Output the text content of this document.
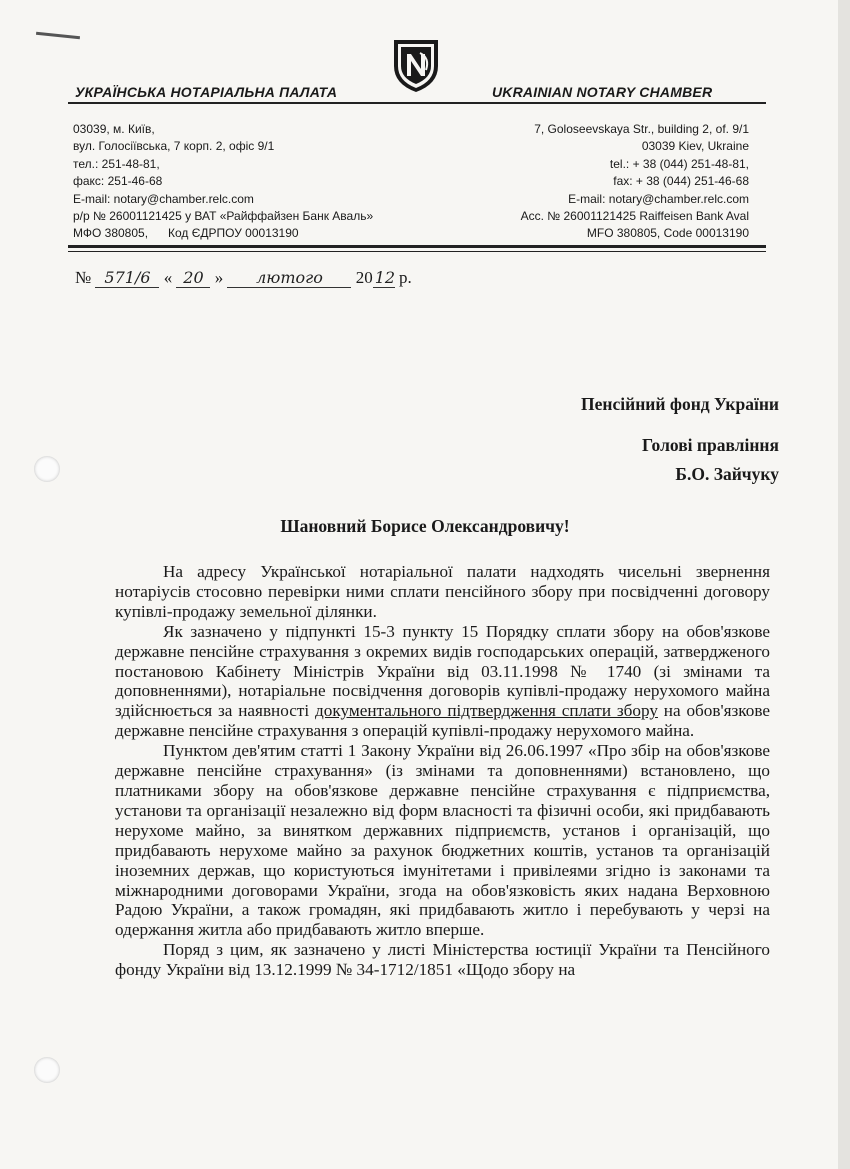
УКРАЇНСЬКА НОТАРІАЛЬНА ПАЛАТА	UKRAINIAN NOTARY CHAMBER
03039, м. Київ,
вул. Голосіївська, 7 корп. 2, офіс 9/1
тел.: 251-48-81,
факс: 251-46-68
E-mail: notary@chamber.relc.com
р/р № 26001121425 у ВАТ «Райффайзен Банк Аваль»
МФО 380805,      Код ЄДРПОУ 00013190
7, Goloseevskaya Str., building 2, of. 9/1
03039 Kiev, Ukraine
tel.: + 38 (044) 251-48-81,
fax: + 38 (044) 251-46-68
E-mail: notary@chamber.relc.com
Acc. № 26001121425 Raiffeisen Bank Aval
MFO 380805, Code 00013190
№ 571/6 « 20 » лютого 20 12 р.
Пенсійний фонд України
Голові правління
Б.О. Зайчуку
Шановний Борисе Олександровичу!

На адресу Української нотаріальної палати надходять чисельні звернення нотаріусів стосовно перевірки ними сплати пенсійного збору при посвідченні договору купівлі-продажу земельної ділянки.

Як зазначено у підпункті 15-3 пункту 15 Порядку сплати збору на обов'язкове державне пенсійне страхування з окремих видів господарських операцій, затвердженого постановою Кабінету Міністрів України від 03.11.1998 № 1740 (зі змінами та доповненнями), нотаріальне посвідчення договорів купівлі-продажу нерухомого майна здійснюється за наявності документального підтвердження сплати збору на обов'язкове державне пенсійне страхування з операцій купівлі-продажу нерухомого майна.

Пунктом дев'ятим статті 1 Закону України від 26.06.1997 «Про збір на обов'язкове державне пенсійне страхування» (із змінами та доповненнями) встановлено, що платниками збору на обов'язкове державне пенсійне страхування є підприємства, установи та організації незалежно від форм власності та фізичні особи, які придбавають нерухоме майно, за винятком державних підприємств, установ і організацій, що придбавають нерухоме майно за рахунок бюджетних коштів, установ та організацій іноземних держав, що користуються імунітетами і привілеями згідно із законами та міжнародними договорами України, згода на обов'язковість яких надана Верховною Радою України, а також громадян, які придбавають житло і перебувають у черзі на одержання житла або придбавають житло вперше.

Поряд з цим, як зазначено у листі Міністерства юстиції України та Пенсійного фонду України від 13.12.1999 № 34-1712/1851 «Щодо збору на
